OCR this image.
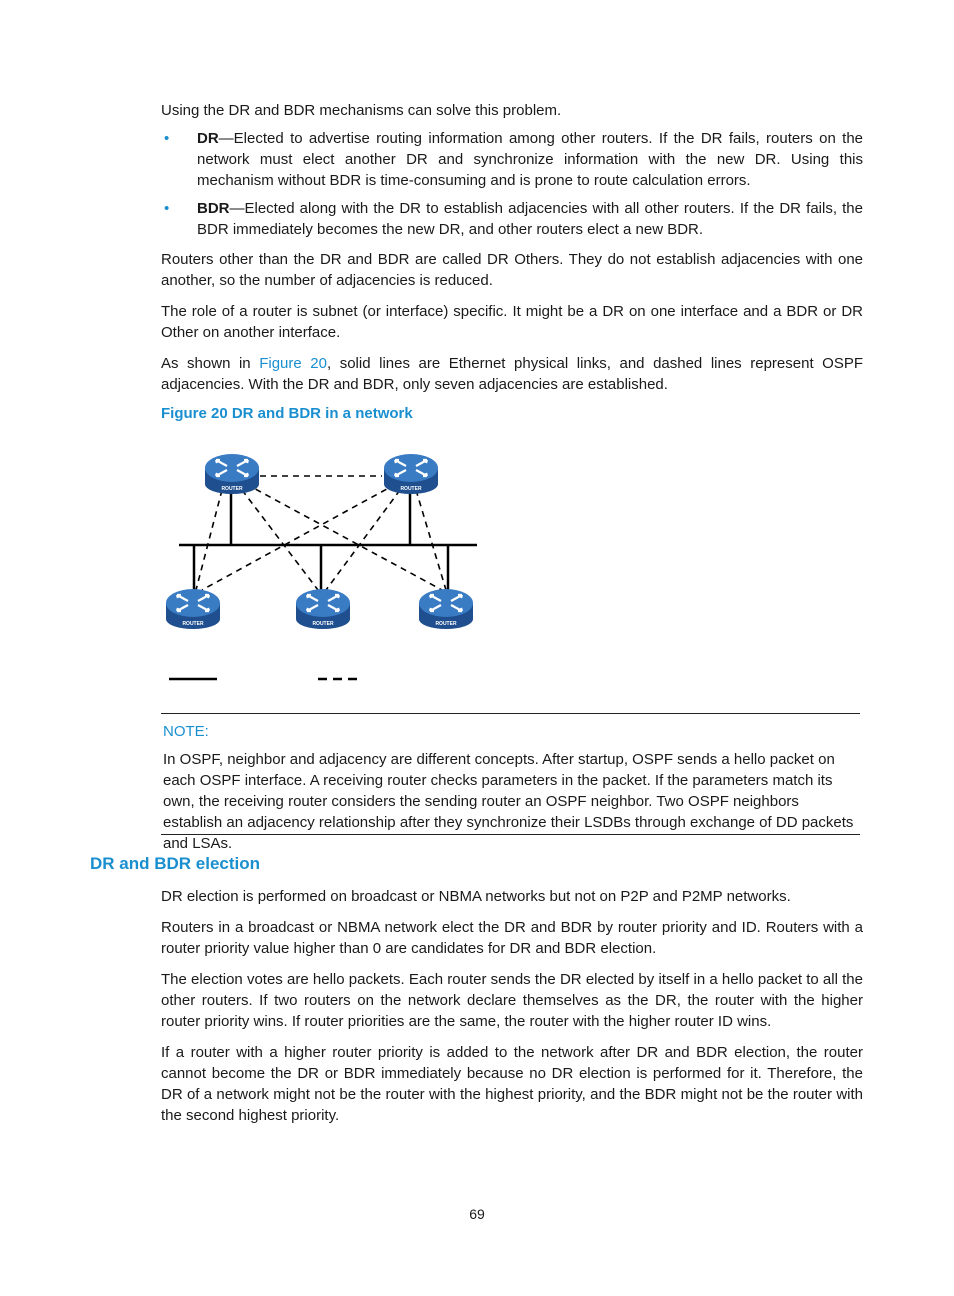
Using the DR and BDR mechanisms can solve this problem.

• DR—Elected to advertise routing information among other routers. If the DR fails, routers on the network must elect another DR and synchronize information with the new DR. Using this mechanism without BDR is time-consuming and is prone to route calculation errors.
• BDR—Elected along with the DR to establish adjacencies with all other routers. If the DR fails, the BDR immediately becomes the new DR, and other routers elect a new BDR.

Routers other than the DR and BDR are called DR Others. They do not establish adjacencies with one another, so the number of adjacencies is reduced.

The role of a router is subnet (or interface) specific. It might be a DR on one interface and a BDR or DR Other on another interface.

As shown in Figure 20, solid lines are Ethernet physical links, and dashed lines represent OSPF adjacencies. With the DR and BDR, only seven adjacencies are established.

Figure 20 DR and BDR in a network
ROUTER	ROUTER
ROUTER	ROUTER	ROUTER
NOTE:
In OSPF, neighbor and adjacency are different concepts. After startup, OSPF sends a hello packet on each OSPF interface. A receiving router checks parameters in the packet. If the parameters match its own, the receiving router considers the sending router an OSPF neighbor. Two OSPF neighbors establish an adjacency relationship after they synchronize their LSDBs through exchange of DD packets and LSAs.
DR and BDR election

DR election is performed on broadcast or NBMA networks but not on P2P and P2MP networks.

Routers in a broadcast or NBMA network elect the DR and BDR by router priority and ID. Routers with a router priority value higher than 0 are candidates for DR and BDR election.

The election votes are hello packets. Each router sends the DR elected by itself in a hello packet to all the other routers. If two routers on the network declare themselves as the DR, the router with the higher router priority wins. If router priorities are the same, the router with the higher router ID wins.

If a router with a higher router priority is added to the network after DR and BDR election, the router cannot become the DR or BDR immediately because no DR election is performed for it. Therefore, the DR of a network might not be the router with the highest priority, and the BDR might not be the router with the second highest priority.

69
